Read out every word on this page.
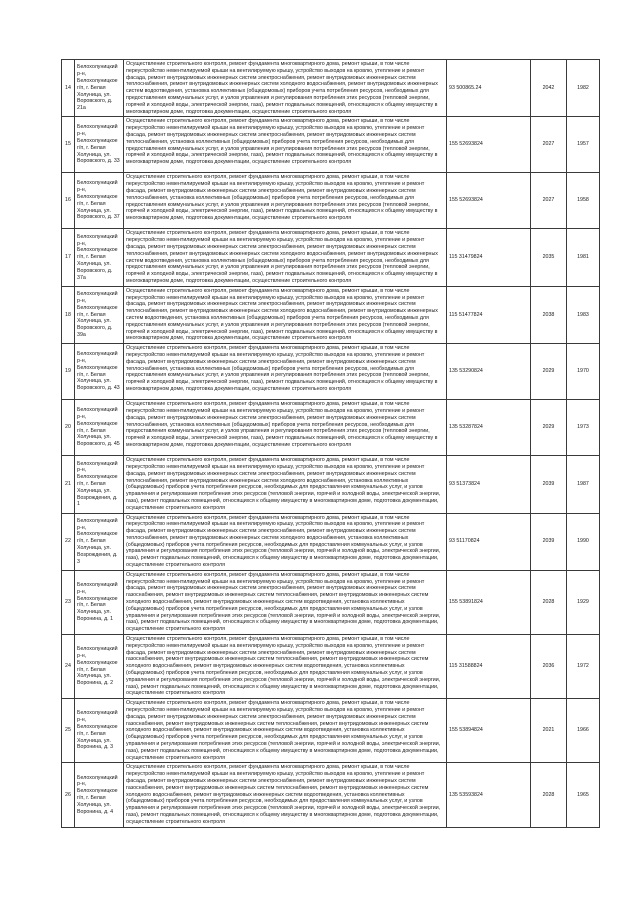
14	Белохолуницкий р-н, Белохолуницкое г/п, г. Белая Холуница, ул. Воровского, д. 21а	Осуществление строительного контроля, ремонт фундамента многоквартирного дома, ремонт крыши, в том числе переустройство невентилируемой крыши на вентилируемую крышу, устройство выходов на кровлю, утепление и ремонт фасада, ремонт внутридомовых инженерных систем электроснабжения, ремонт внутридомовых инженерных систем теплоснабжения, ремонт внутридомовых инженерных систем холодного водоснабжения, ремонт внутридомовых инженерных систем водоотведения, установка коллективных (общедомовых) приборов учета потребления ресурсов, необходимых для предоставления коммунальных услуг, и узлов управления и регулирования потребления этих ресурсов (тепловой энергии, горячей и холодной воды, электрической энергии, газа), ремонт подвальных помещений, относящихся к общему имуществу в многоквартирном доме, подготовка документации, осуществление строительного контроля	93 500865.24	2042	1982
15	Белохолуницкий р-н, Белохолуницкое г/п, г. Белая Холуница, ул. Воровского, д. 33	Осуществление строительного контроля, ремонт фундамента многоквартирного дома, ремонт крыши, в том числе переустройство невентилируемой крыши на вентилируемую крышу, устройство выходов на кровлю, утепление и ремонт фасада, ремонт внутридомовых инженерных систем электроснабжения, ремонт внутридомовых инженерных систем теплоснабжения, установка коллективных (общедомовых) приборов учета потребления ресурсов, необходимых для предоставления коммунальных услуг, и узлов управления и регулирования потребления этих ресурсов (тепловой энергии, горячей и холодной воды, электрической энергии, газа), ремонт подвальных помещений, относящихся к общему имуществу в многоквартирном доме, подготовка документации, осуществление строительного контроля	155 52693824	2027	1957
16	Белохолуницкий р-н, Белохолуницкое г/п, г. Белая Холуница, ул. Воровского, д. 37	Осуществление строительного контроля, ремонт фундамента многоквартирного дома, ремонт крыши, в том числе переустройство невентилируемой крыши на вентилируемую крышу, устройство выходов на кровлю, утепление и ремонт фасада, ремонт внутридомовых инженерных систем электроснабжения, ремонт внутридомовых инженерных систем теплоснабжения, установка коллективных (общедомовых) приборов учета потребления ресурсов, необходимых для предоставления коммунальных услуг, и узлов управления и регулирования потребления этих ресурсов (тепловой энергии, горячей и холодной воды, электрической энергии, газа), ремонт подвальных помещений, относящихся к общему имуществу в многоквартирном доме, подготовка документации, осуществление строительного контроля	155 52693824	2027	1958
17	Белохолуницкий р-н, Белохолуницкое г/п, г. Белая Холуница, ул. Воровского, д. 37а	Осуществление строительного контроля, ремонт фундамента многоквартирного дома, ремонт крыши, в том числе переустройство невентилируемой крыши на вентилируемую крышу, устройство выходов на кровлю, утепление и ремонт фасада, ремонт внутридомовых инженерных систем электроснабжения, ремонт внутридомовых инженерных систем теплоснабжения, ремонт внутридомовых инженерных систем холодного водоснабжения, ремонт внутридомовых инженерных систем водоотведения, установка коллективных (общедомовых) приборов учета потребления ресурсов, необходимых для предоставления коммунальных услуг, и узлов управления и регулирования потребления этих ресурсов (тепловой энергии, горячей и холодной воды, электрической энергии, газа), ремонт подвальных помещений, относящихся к общему имуществу в многоквартирном доме, подготовка документации, осуществление строительного контроля	115 31479824	2035	1981
18	Белохолуницкий р-н, Белохолуницкое г/п, г. Белая Холуница, ул. Воровского, д. 39а	Осуществление строительного контроля, ремонт фундамента многоквартирного дома, ремонт крыши, в том числе переустройство невентилируемой крыши на вентилируемую крышу, устройство выходов на кровлю, утепление и ремонт фасада, ремонт внутридомовых инженерных систем электроснабжения, ремонт внутридомовых инженерных систем теплоснабжения, ремонт внутридомовых инженерных систем холодного водоснабжения, ремонт внутридомовых инженерных систем водоотведения, установка коллективных (общедомовых) приборов учета потребления ресурсов, необходимых для предоставления коммунальных услуг, и узлов управления и регулирования потребления этих ресурсов (тепловой энергии, горячей и холодной воды, электрической энергии, газа), ремонт подвальных помещений, относящихся к общему имуществу в многоквартирном доме, подготовка документации, осуществление строительного контроля	115 51477824	2038	1983
19	Белохолуницкий р-н, Белохолуницкое г/п, г. Белая Холуница, ул. Воровского, д. 43	Осуществление строительного контроля, ремонт фундамента многоквартирного дома, ремонт крыши, в том числе переустройство невентилируемой крыши на вентилируемую крышу, устройство выходов на кровлю, утепление и ремонт фасада, ремонт внутридомовых инженерных систем электроснабжения, ремонт внутридомовых инженерных систем теплоснабжения, установка коллективных (общедомовых) приборов учета потребления ресурсов, необходимых для предоставления коммунальных услуг, и узлов управления и регулирования потребления этих ресурсов (тепловой энергии, горячей и холодной воды, электрической энергии, газа), ремонт подвальных помещений, относящихся к общему имуществу в многоквартирном доме, подготовка документации, осуществление строительного контроля	135 53290824	2029	1970
20	Белохолуницкий р-н, Белохолуницкое г/п, г. Белая Холуница, ул. Воровского, д. 45	Осуществление строительного контроля, ремонт фундамента многоквартирного дома, ремонт крыши, в том числе переустройство невентилируемой крыши на вентилируемую крышу, устройство выходов на кровлю, утепление и ремонт фасада, ремонт внутридомовых инженерных систем электроснабжения, ремонт внутридомовых инженерных систем теплоснабжения, установка коллективных (общедомовых) приборов учета потребления ресурсов, необходимых для предоставления коммунальных услуг, и узлов управления и регулирования потребления этих ресурсов (тепловой энергии, горячей и холодной воды, электрической энергии, газа), ремонт подвальных помещений, относящихся к общему имуществу в многоквартирном доме, подготовка документации, осуществление строительного контроля	135 53287824	2029	1973
21	Белохолуницкий р-н, Белохолуницкое г/п, г. Белая Холуница, ул. Возрождения, д. 1	Осуществление строительного контроля, ремонт фундамента многоквартирного дома, ремонт крыши, в том числе переустройство невентилируемой крыши на вентилируемую крышу, устройство выходов на кровлю, утепление и ремонт фасада, ремонт внутридомовых инженерных систем электроснабжения, ремонт внутридомовых инженерных систем теплоснабжения, ремонт внутридомовых инженерных систем холодного водоснабжения, установка коллективных (общедомовых) приборов учета потребления ресурсов, необходимых для предоставления коммунальных услуг, и узлов управления и регулирования потребления этих ресурсов (тепловой энергии, горячей и холодной воды, электрической энергии, газа), ремонт подвальных помещений, относящихся к общему имуществу в многоквартирном доме, подготовка документации, осуществление строительного контроля	93 51373824	2039	1987
22	Белохолуницкий р-н, Белохолуницкое г/п, г. Белая Холуница, ул. Возрождения, д. 3	Осуществление строительного контроля, ремонт фундамента многоквартирного дома, ремонт крыши, в том числе переустройство невентилируемой крыши на вентилируемую крышу, устройство выходов на кровлю, утепление и ремонт фасада, ремонт внутридомовых инженерных систем электроснабжения, ремонт внутридомовых инженерных систем теплоснабжения, ремонт внутридомовых инженерных систем холодного водоснабжения, установка коллективных (общедомовых) приборов учета потребления ресурсов, необходимых для предоставления коммунальных услуг, и узлов управления и регулирования потребления этих ресурсов (тепловой энергии, горячей и холодной воды, электрической энергии, газа), ремонт подвальных помещений, относящихся к общему имуществу в многоквартирном доме, подготовка документации, осуществление строительного контроля	93 51170824	2039	1990
23	Белохолуницкий р-н, Белохолуницкое г/п, г. Белая Холуница, ул. Воронина, д. 1	Осуществление строительного контроля, ремонт фундамента многоквартирного дома, ремонт крыши, в том числе переустройство невентилируемой крыши на вентилируемую крышу, устройство выходов на кровлю, утепление и ремонт фасада, ремонт внутридомовых инженерных систем электроснабжения, ремонт внутридомовых инженерных систем газоснабжения, ремонт внутридомовых инженерных систем теплоснабжения, ремонт внутридомовых инженерных систем холодного водоснабжения, ремонт внутридомовых инженерных систем водоотведения, установка коллективных (общедомовых) приборов учета потребления ресурсов, необходимых для предоставления коммунальных услуг, и узлов управления и регулирования потребления этих ресурсов (тепловой энергии, горячей и холодной воды, электрической энергии, газа), ремонт подвальных помещений, относящихся к общему имуществу в многоквартирном доме, подготовка документации, осуществление строительного контроля	155 53891824	2028	1929
24	Белохолуницкий р-н, Белохолуницкое г/п, г. Белая Холуница, ул. Воронина, д. 2	Осуществление строительного контроля, ремонт фундамента многоквартирного дома, ремонт крыши, в том числе переустройство невентилируемой крыши на вентилируемую крышу, устройство выходов на кровлю, утепление и ремонт фасада, ремонт внутридомовых инженерных систем электроснабжения, ремонт внутридомовых инженерных систем газоснабжения, ремонт внутридомовых инженерных систем теплоснабжения, ремонт внутридомовых инженерных систем холодного водоснабжения, ремонт внутридомовых инженерных систем водоотведения, установка коллективных (общедомовых) приборов учета потребления ресурсов, необходимых для предоставления коммунальных услуг, и узлов управления и регулирования потребления этих ресурсов (тепловой энергии, горячей и холодной воды, электрической энергии, газа), ремонт подвальных помещений, относящихся к общему имуществу в многоквартирном доме, подготовка документации, осуществление строительного контроля	115 31588824	2036	1972
25	Белохолуницкий р-н, Белохолуницкое г/п, г. Белая Холуница, ул. Воронина, д. 3	Осуществление строительного контроля, ремонт фундамента многоквартирного дома, ремонт крыши, в том числе переустройство невентилируемой крыши на вентилируемую крышу, устройство выходов на кровлю, утепление и ремонт фасада, ремонт внутридомовых инженерных систем электроснабжения, ремонт внутридомовых инженерных систем газоснабжения, ремонт внутридомовых инженерных систем теплоснабжения, ремонт внутридомовых инженерных систем холодного водоснабжения, ремонт внутридомовых инженерных систем водоотведения, установка коллективных (общедомовых) приборов учета потребления ресурсов, необходимых для предоставления коммунальных услуг, и узлов управления и регулирования потребления этих ресурсов (тепловой энергии, горячей и холодной воды, электрической энергии, газа), ремонт подвальных помещений, относящихся к общему имуществу в многоквартирном доме, подготовка документации, осуществление строительного контроля	155 53894824	2021	1966
26	Белохолуницкий р-н, Белохолуницкое г/п, г. Белая Холуница, ул. Воронина, д. 4	Осуществление строительного контроля, ремонт фундамента многоквартирного дома, ремонт крыши, в том числе переустройство невентилируемой крыши на вентилируемую крышу, устройство выходов на кровлю, утепление и ремонт фасада, ремонт внутридомовых инженерных систем электроснабжения, ремонт внутридомовых инженерных систем газоснабжения, ремонт внутридомовых инженерных систем теплоснабжения, ремонт внутридомовых инженерных систем холодного водоснабжения, ремонт внутридомовых инженерных систем водоотведения, установка коллективных (общедомовых) приборов учета потребления ресурсов, необходимых для предоставления коммунальных услуг, и узлов управления и регулирования потребления этих ресурсов (тепловой энергии, горячей и холодной воды, электрической энергии, газа), ремонт подвальных помещений, относящихся к общему имуществу в многоквартирном доме, подготовка документации, осуществление строительного контроля	135 53593824	2028	1965
